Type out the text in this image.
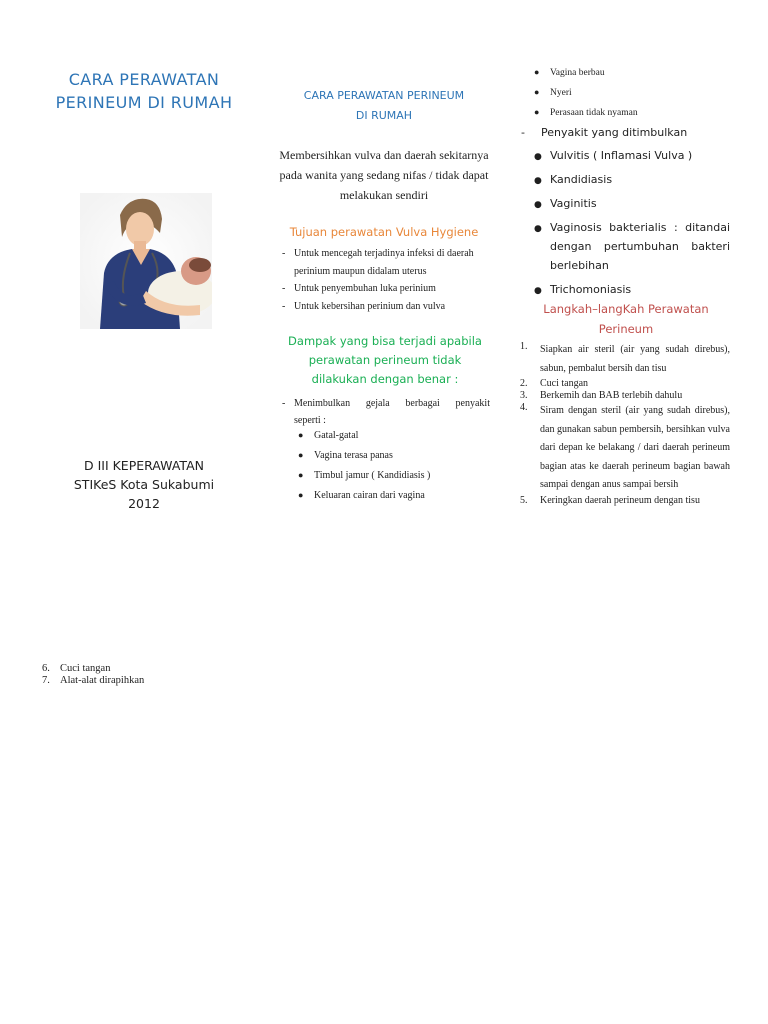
CARA PERAWATAN PERINEUM DI RUMAH
D III KEPERAWATAN
STIKeS Kota Sukabumi
2012
6. Cuci tangan
7. Alat-alat dirapihkan
CARA PERAWATAN PERINEUM
DI RUMAH
Membersihkan vulva dan daerah sekitarnya pada wanita yang sedang nifas / tidak dapat melakukan sendiri
Tujuan perawatan Vulva Hygiene
- Untuk mencegah terjadinya infeksi di daerah perinium maupun didalam uterus
- Untuk penyembuhan luka perinium
- Untuk kebersihan perinium dan vulva
Dampak yang bisa terjadi apabila perawatan perineum tidak dilakukan dengan benar :
- Menimbulkan gejala berbagai penyakit
seperti :
●	Gatal-gatal
●	Vagina terasa panas
●	Timbul jamur ( Kandidiasis )
●	Keluaran cairan dari vagina
●	Vagina berbau
●	Nyeri
●	Perasaan tidak nyaman
-	Penyakit yang ditimbulkan
● Vulvitis ( Inflamasi Vulva )
● Kandidiasis
● Vaginitis
● Vaginosis bakterialis : ditandai dengan pertumbuhan bakteri berlebihan
● Trichomoniasis
Langkah–langKah Perawatan Perineum
1.	Siapkan air steril (air yang sudah direbus), sabun, pembalut bersih dan tisu
2.	Cuci tangan
3.	Berkemih dan BAB terlebih dahulu
4.	Siram dengan steril (air yang sudah direbus), dan gunakan sabun pembersih, bersihkan vulva dari depan ke belakang / dari daerah perineum bagian atas ke daerah perineum bagian bawah sampai dengan anus sampai bersih
5.	Keringkan daerah perineum dengan tisu
